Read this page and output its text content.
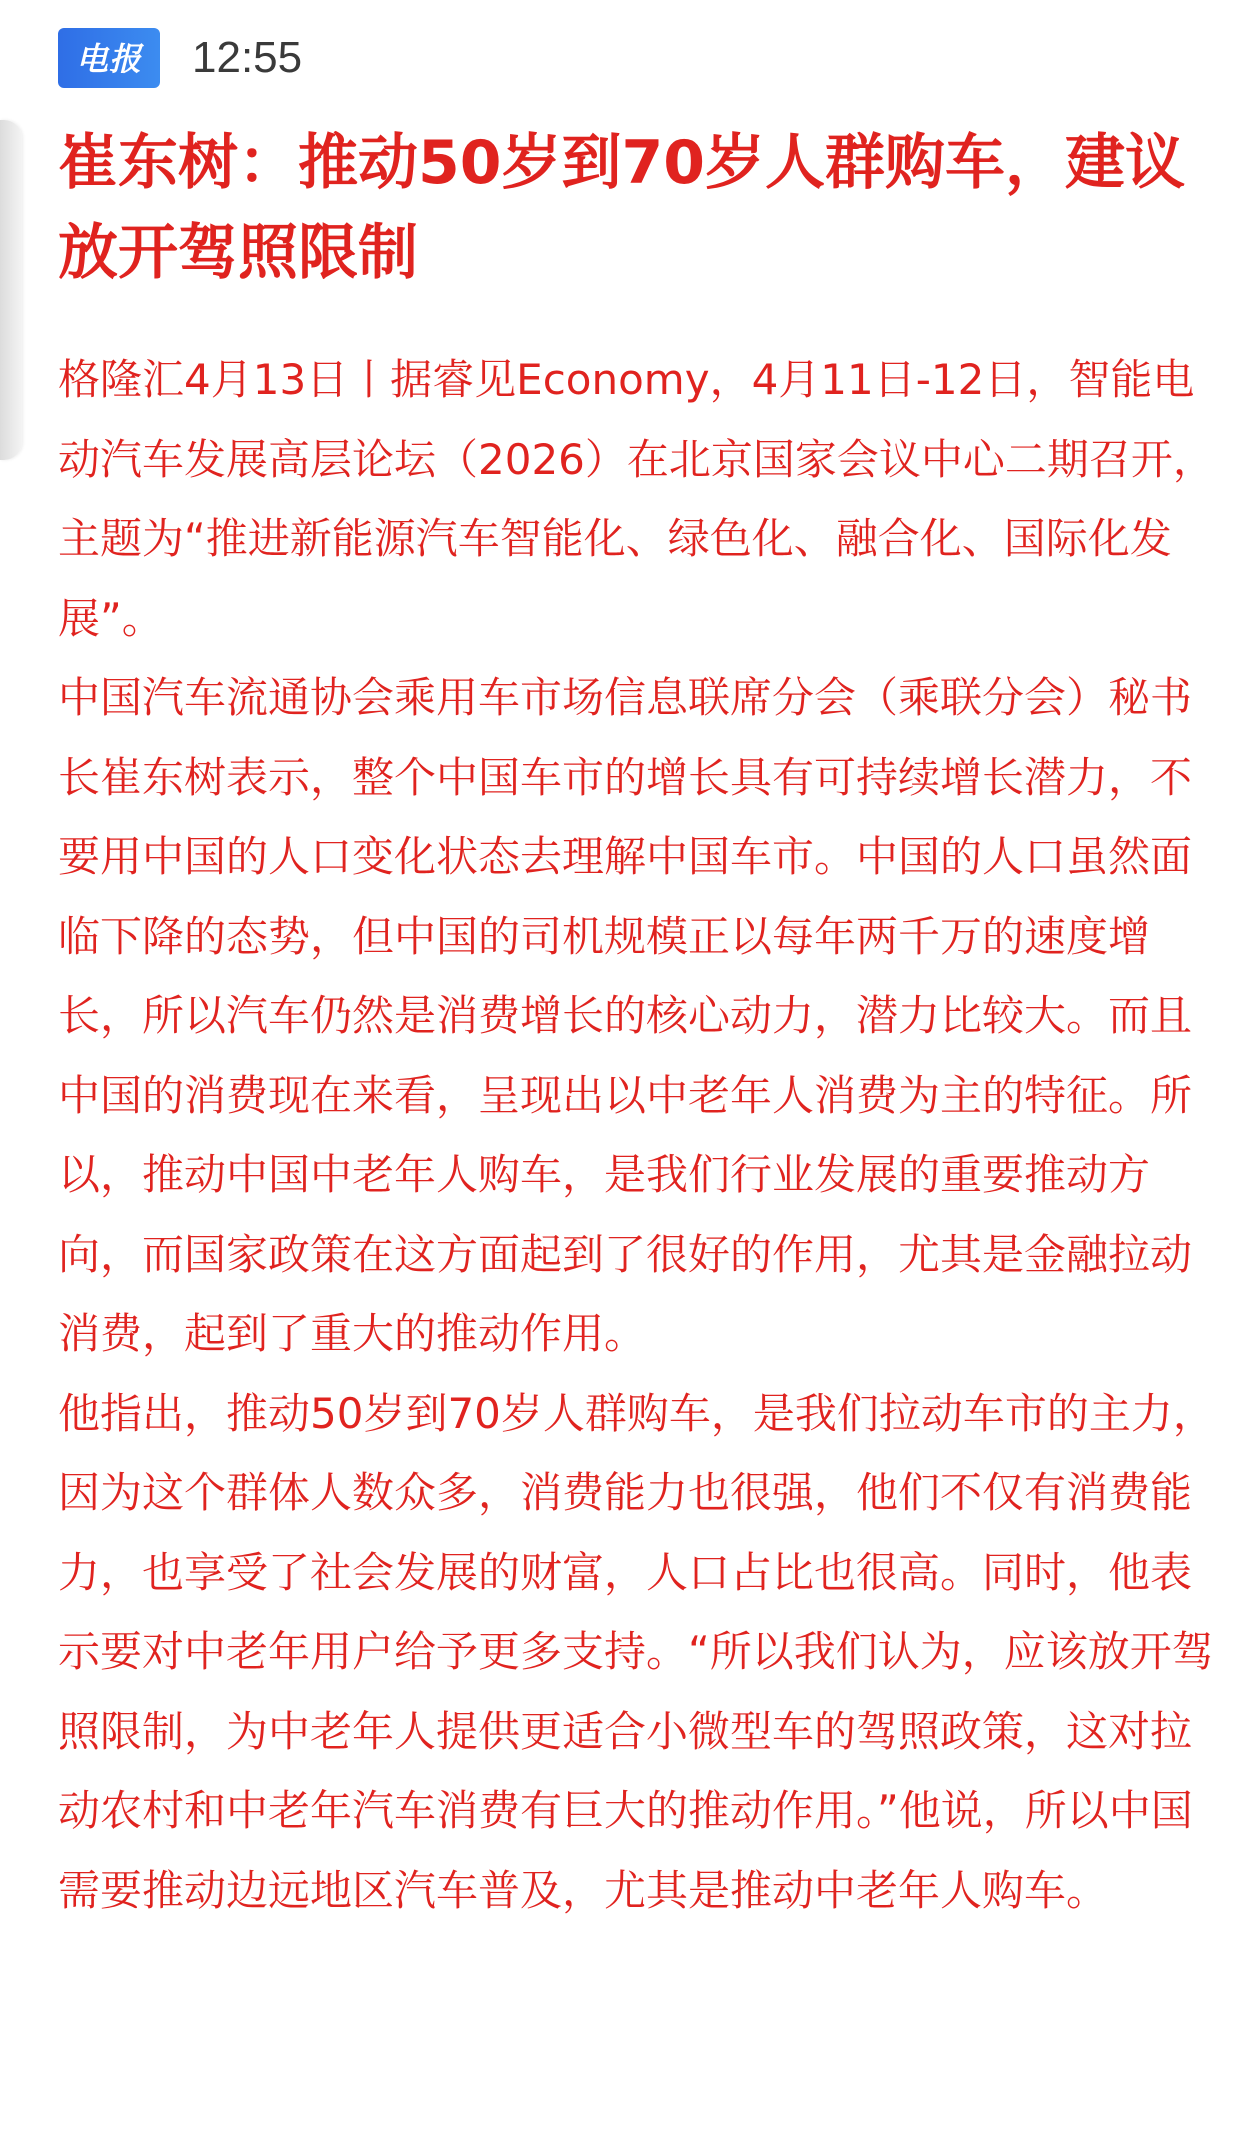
电报	12:55
崔东树：推动50岁到70岁人群购车，建议放开驾照限制

格隆汇4月13日丨据睿见Economy，4月11日-12日，智能电动汽车发展高层论坛（2026）在北京国家会议中心二期召开，主题为“推进新能源汽车智能化、绿色化、融合化、国际化发展”。

中国汽车流通协会乘用车市场信息联席分会（乘联分会）秘书长崔东树表示，整个中国车市的增长具有可持续增长潜力，不要用中国的人口变化状态去理解中国车市。中国的人口虽然面临下降的态势，但中国的司机规模正以每年两千万的速度增长，所以汽车仍然是消费增长的核心动力，潜力比较大。而且中国的消费现在来看，呈现出以中老年人消费为主的特征。所以，推动中国中老年人购车，是我们行业发展的重要推动方向，而国家政策在这方面起到了很好的作用，尤其是金融拉动消费，起到了重大的推动作用。

他指出，推动50岁到70岁人群购车，是我们拉动车市的主力，因为这个群体人数众多，消费能力也很强，他们不仅有消费能力，也享受了社会发展的财富，人口占比也很高。同时，他表示要对中老年用户给予更多支持。“所以我们认为，应该放开驾照限制，为中老年人提供更适合小微型车的驾照政策，这对拉动农村和中老年汽车消费有巨大的推动作用。”他说，所以中国需要推动边远地区汽车普及，尤其是推动中老年人购车。
